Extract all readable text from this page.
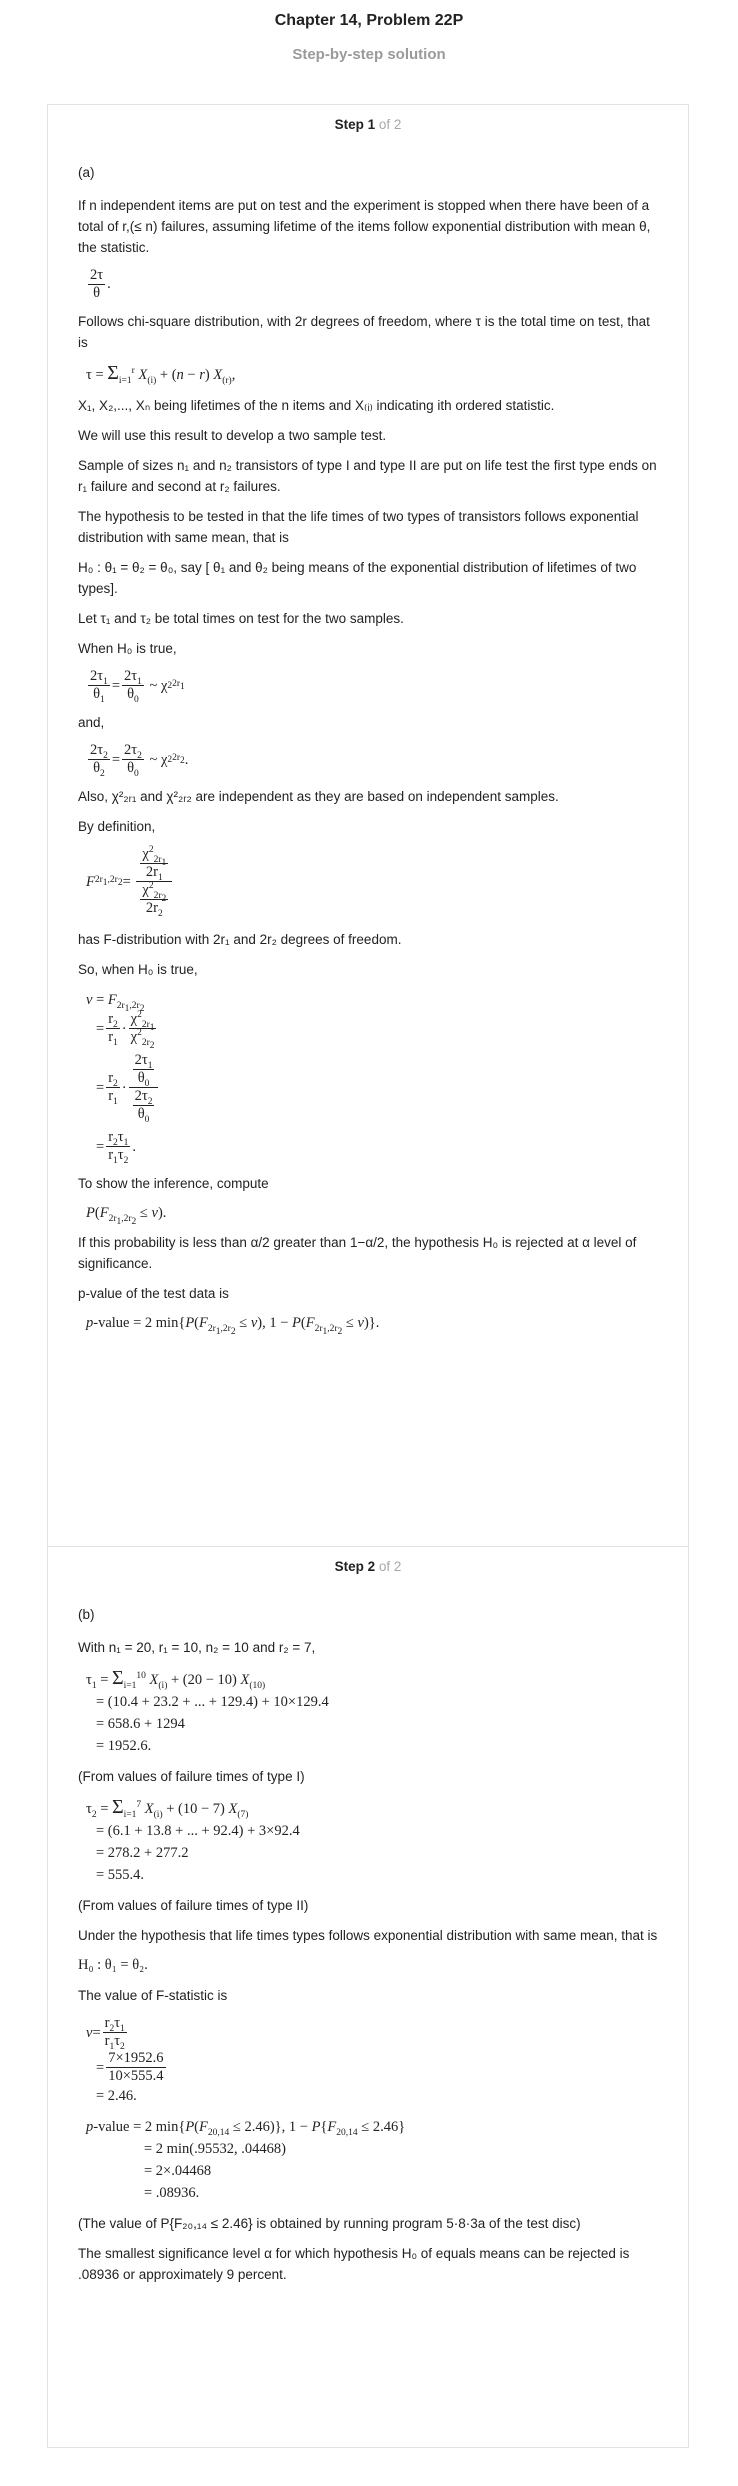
Chapter 14, Problem 22P
Step-by-step solution
Step 1 of 2

(a)

If n independent items are put on test and the experiment is stopped when there have been of a total of r,(≤ n) failures, assuming lifetime of the items follow exponential distribution with mean θ, the statistic.

$\frac{2\tau}{\theta}$ .

Follows chi-square distribution, with 2r degrees of freedom, where τ is the total time on test, that is

$\tau = \Sigma_{i=1}^r$ $X_{(i)} + (n - r)$ $X_{(r)}$,

X₁, X₂,..., Xₙ being lifetimes of the n items and X₍ᵢ₎ indicating ith ordered statistic.

We will use this result to develop a two sample test.

Sample of sizes n₁ and n₂ transistors of type I and type II are put on life test the first type ends on r₁ failure and second at r₂ failures.

The hypothesis to be tested in that the life times of two types of transistors follows exponential distribution with same mean, that is

H₀ : θ₁ = θ₂ = θ₀, say [ θ₁ and θ₂ being means of the exponential distribution of lifetimes of two types].

Let τ₁ and τ₂ be total times on test for the two samples.

When H₀ is true,

$\frac{2\tau_1}{\theta_1} = \frac{2\tau_1}{\theta_0}$ ~ χ 2 $2r_1$

and,

$\frac{2\tau_2}{\theta_2} = \frac{2\tau_2}{\theta_0}$ ~ χ 2 $2r_2$ .

Also, χ²₂ᵣ₁ and χ²₂ᵣ₂ are independent as they are based on independent samples.

By definition,

F $2r_1,2r_2 = \frac{\frac{\chi^2_{2r_1}}{2r_1}}{\frac{\chi^2_{2r_2}}{2r_2}}$

has F-distribution with 2r₁ and 2r₂ degrees of freedom.

So, when H₀ is true,

$v = F_{2r_1,2r_2}$
= $\frac{r_2}{r_1} \cdot \frac{\chi^2_{2r_1}}{\chi^2_{2r_2}}$
= $\frac{r_2}{r_1} \cdot \frac{\frac{2\tau_1}{\theta_0}}{\frac{2\tau_2}{\theta_0}}$
= $\frac{r_2\tau_1}{r_1\tau_2}$ .

To show the inference, compute

$P(F_{2r_1,2r_2} \le v)$.

If this probability is less than α/2 greater than 1−α/2, the hypothesis H₀ is rejected at α level of significance.

p-value of the test data is

p-value = 2 $\min\{P(F_{2r_1,2r_2} \le v)$, $1 - P(F_{2r_1,2r_2} \le v)$}.
Step 2 of 2

(b)

With n₁ = 20, r₁ = 10, n₂ = 10 and r₂ = 7,

$\tau_1 = \Sigma_{i=1}^{10}$ $X_{(i)} + (20 - 10)$ $X_{(10)}$
= (10.4 + 23.2 + ... + 129.4) + 10×129.4
= 658.6 + 1294
= 1952.6.

(From values of failure times of type I)

$\tau_2 = \Sigma_{i=1}^7$ $X_{(i)} + (10 - 7)$ $X_{(7)}$
= (6.1 + 13.8 + ... + 92.4) + 3×92.4
= 278.2 + 277.2
= 555.4.

(From values of failure times of type II)

Under the hypothesis that life times types follows exponential distribution with same mean, that is

H₀ : θ₁ = θ₂.

The value of F-statistic is

$v = \frac{r_2\tau_1}{r_1\tau_2}$
= $\frac{7\times 1952.6}{10\times 555.4}$
= 2.46.
p-value = 2 $\min\{P(F_{20,14} \le 2.46)\}$, $1 - P\{F_{20,14} \le 2.46\}$
= 2 min(.95532, .04468)
= 2×.04468
= .08936.

(The value of P{F₂₀,₁₄ ≤ 2.46} is obtained by running program 5·8·3a of the test disc)

The smallest significance level α for which hypothesis H₀ of equals means can be rejected is .08936 or approximately 9 percent.
